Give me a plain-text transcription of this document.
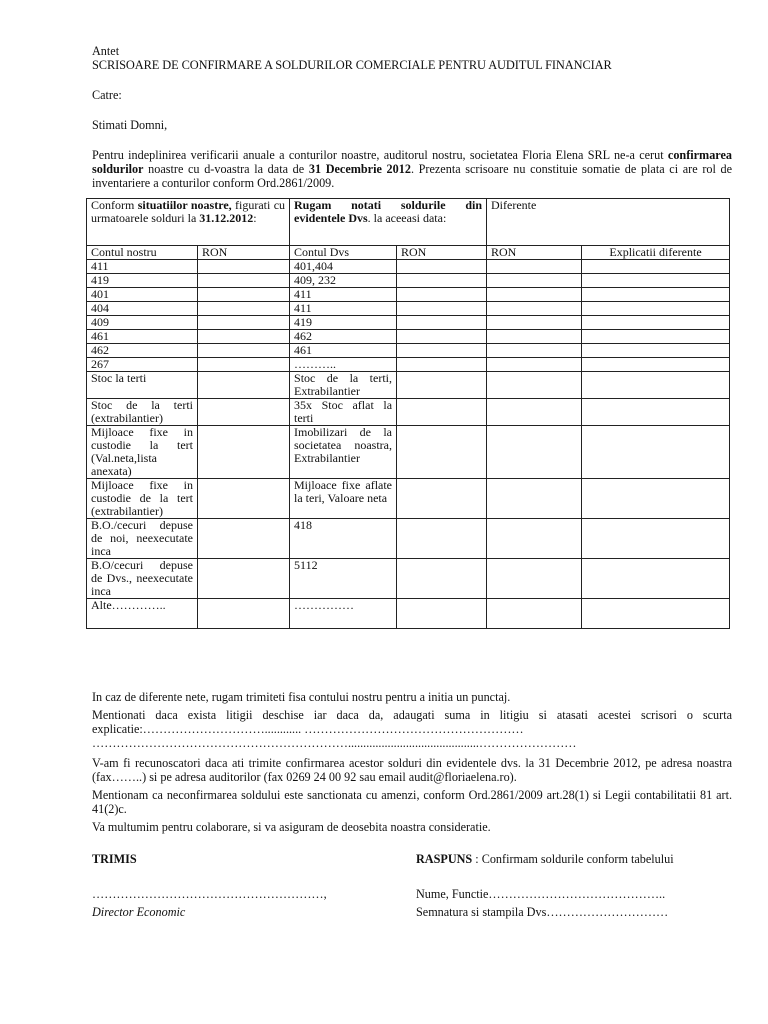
Antet
SCRISOARE DE CONFIRMARE A SOLDURILOR COMERCIALE PENTRU AUDITUL FINANCIAR
Catre:
Stimati Domni,
Pentru indeplinirea verificarii anuale a conturilor noastre, auditorul nostru, societatea Floria Elena SRL ne-a cerut confirmarea soldurilor noastre cu d-voastra la data de 31 Decembrie 2012. Prezenta scrisoare nu constituie somatie de plata ci are rol de inventariere a conturilor conform Ord.2861/2009.
Conform situatiilor noastre, figurati cu urmatoarele solduri la 31.12.2012:		Rugam notati soldurile din evidentele Dvs. la aceeasi data:		Diferente	
Contul nostru	RON	Contul Dvs	RON	RON	Explicatii diferente
411		401,404			
419		409, 232			
401		411			
404		411			
409		419			
461		462			
462		461			
267		………..			
Stoc la terti		Stoc de la terti, Extrabilantier			
Stoc de la terti (extrabilantier)		35x Stoc aflat la terti			
Mijloace fixe in custodie la tert (Val.neta,lista anexata)		Imobilizari de la societatea noastra, Extrabilantier			
Mijloace fixe in custodie de la tert (extrabilantier)		Mijloace fixe aflate la teri, Valoare neta			
B.O./cecuri depuse de noi, neexecutate inca		418			
B.O/cecuri depuse de Dvs., neexecutate inca		5112			
Alte…………..		……………			

In caz de diferente nete, rugam trimiteti fisa contului nostru pentru a initia un punctaj.

Mentionati daca exista litigii deschise iar daca da, adaugati suma in litigiu si atasati acestei scrisori o scurta explicatie:…………………………............ ………………………………………………

………………………………………………………...........................................……………………

V-am fi recunoscatori daca ati trimite confirmarea acestor solduri din evidentele dvs. la 31 Decembrie 2012, pe adresa noastra (fax……..) si pe adresa auditorilor (fax 0269 24 00 92 sau email audit@floriaelena.ro).

Mentionam ca neconfirmarea soldului este sanctionata cu amenzi, conform Ord.2861/2009 art.28(1) si Legii contabilitatii 81 art. 41(2)c.

Va multumim pentru colaborare, si va asiguram de deosebita noastra consideratie.

TRIMIS	RASPUNS : Confirmam soldurile conform tabelului
…………………………………………………,	Nume, Functie……………………………………..
Director Economic	Semnatura si stampila Dvs…………………………
